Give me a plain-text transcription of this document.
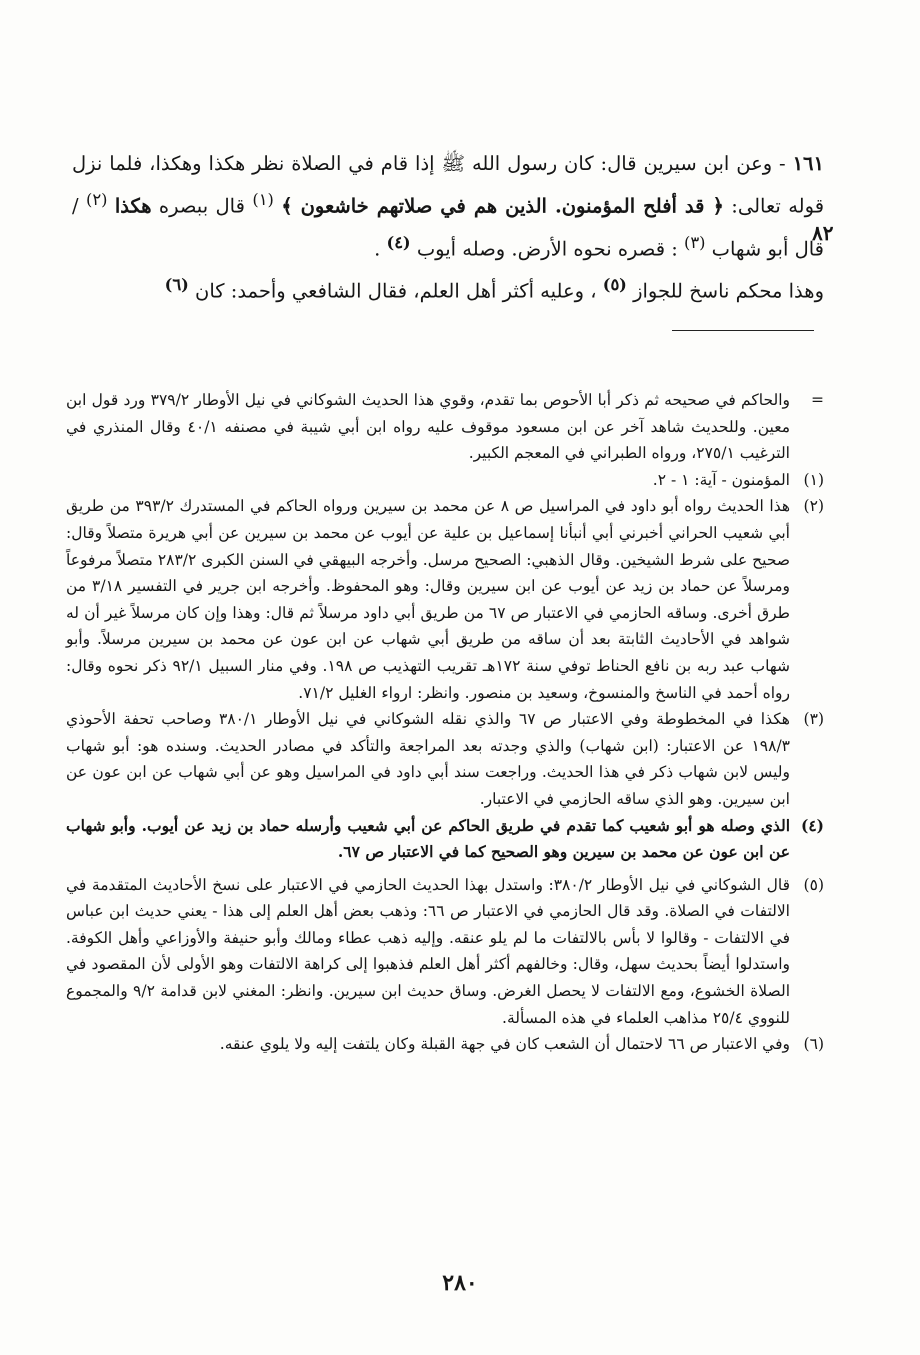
١٦١ - وعن ابن سيرين قال: كان رسول الله ﷺ إذا قام في الصلاة نظر هكذا وهكذا، فلما نزل قوله تعالى: ﴿ قد أفلح المؤمنون. الذين هم في صلاتهم خاشعون ﴾ $^{(١)}$ قال ببصره هكذا $^{(٢)}$ / قال أبو شهاب $^{(٣)}$ : قصره نحوه الأرض. وصله أيوب $^{(٤)}$ .

وهذا محكم ناسخ للجواز $^{(٥)}$ ، وعليه أكثر أهل العلم، فقال الشافعي وأحمد: كان $^{(٦)}$

٨٢

=
والحاكم في صحيحه ثم ذكر أبا الأحوص بما تقدم، وقوي هذا الحديث الشوكاني في نيل الأوطار ٣٧٩/٢ ورد قول ابن معين. وللحديث شاهد آخر عن ابن مسعود موقوف عليه رواه ابن أبي شيبة في مصنفه ٤٠/١ وقال المنذري في الترغيب ٢٧٥/١، ورواه الطبراني في المعجم الكبير.

(١)
المؤمنون - آية: ١ - ٢.

(٢)
هذا الحديث رواه أبو داود في المراسيل ص ٨ عن محمد بن سيرين ورواه الحاكم في المستدرك ٣٩٣/٢ من طريق أبي شعيب الحراني أخبرني أبي أنبأنا إسماعيل بن علية عن أيوب عن محمد بن سيرين عن أبي هريرة متصلاً وقال: صحيح على شرط الشيخين. وقال الذهبي: الصحيح مرسل. وأخرجه البيهقي في السنن الكبرى ٢٨٣/٢ متصلاً مرفوعاً ومرسلاً عن حماد بن زيد عن أيوب عن ابن سيرين وقال: وهو المحفوظ. وأخرجه ابن جرير في التفسير ٣/١٨ من طرق أخرى. وساقه الحازمي في الاعتبار ص ٦٧ من طريق أبي داود مرسلاً ثم قال: وهذا وإن كان مرسلاً غير أن له شواهد في الأحاديث الثابتة بعد أن ساقه من طريق أبي شهاب عن ابن عون عن محمد بن سيرين مرسلاً. وأبو شهاب عبد ربه بن نافع الحناط توفي سنة ١٧٢هـ تقريب التهذيب ص ١٩٨. وفي منار السبيل ٩٢/١ ذكر نحوه وقال: رواه أحمد في الناسخ والمنسوخ، وسعيد بن منصور. وانظر: ارواء الغليل ٧١/٢.

(٣)
هكذا في المخطوطة وفي الاعتبار ص ٦٧ والذي نقله الشوكاني في نيل الأوطار ٣٨٠/١ وصاحب تحفة الأحوذي ١٩٨/٣ عن الاعتبار: (ابن شهاب) والذي وجدته بعد المراجعة والتأكد في مصادر الحديث. وسنده هو: أبو شهاب وليس لابن شهاب ذكر في هذا الحديث. وراجعت سند أبي داود في المراسيل وهو عن أبي شهاب عن ابن عون عن ابن سيرين. وهو الذي ساقه الحازمي في الاعتبار.

(٤)
الذي وصله هو أبو شعيب كما تقدم في طريق الحاكم عن أبي شعيب وأرسله حماد بن زيد عن أيوب. وأبو شهاب عن ابن عون عن محمد بن سيرين وهو الصحيح كما في الاعتبار ص ٦٧.

(٥)
قال الشوكاني في نيل الأوطار ٣٨٠/٢: واستدل بهذا الحديث الحازمي في الاعتبار على نسخ الأحاديث المتقدمة في الالتفات في الصلاة. وقد قال الحازمي في الاعتبار ص ٦٦: وذهب بعض أهل العلم إلى هذا - يعني حديث ابن عباس في الالتفات - وقالوا لا بأس بالالتفات ما لم يلو عنقه. وإليه ذهب عطاء ومالك وأبو حنيفة والأوزاعي وأهل الكوفة. واستدلوا أيضاً بحديث سهل، وقال: وخالفهم أكثر أهل العلم فذهبوا إلى كراهة الالتفات وهو الأولى لأن المقصود في الصلاة الخشوع، ومع الالتفات لا يحصل الغرض. وساق حديث ابن سيرين. وانظر: المغني لابن قدامة ٩/٢ والمجموع للنووي ٢٥/٤ مذاهب العلماء في هذه المسألة.

(٦)
وفي الاعتبار ص ٦٦ لاحتمال أن الشعب كان في جهة القبلة وكان يلتفت إليه ولا يلوي عنقه.

٢٨٠
